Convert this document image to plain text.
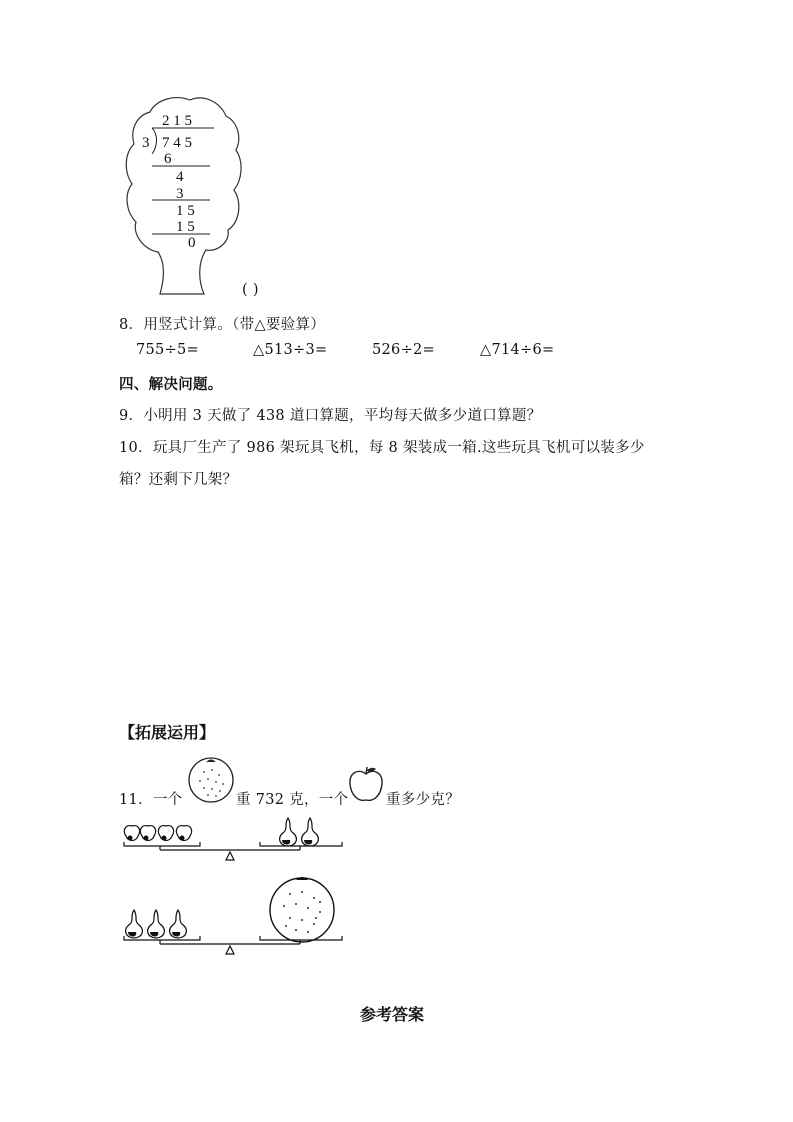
2 1 5
3 7 4 5
6
4
3
1 5
1 5
0
( )
8．用竖式计算。（带△要验算）
755÷5=	△513÷3=	526÷2=	△714÷6=
四、解决问题。
9．小明用 3 天做了 438 道口算题，平均每天做多少道口算题？
10．玩具厂生产了 986 架玩具飞机，每 8 架装成一箱.这些玩具飞机可以装多少
箱？还剩下几架？
【拓展运用】
11．一个	重 732 克，一个	重多少克？
参考答案
